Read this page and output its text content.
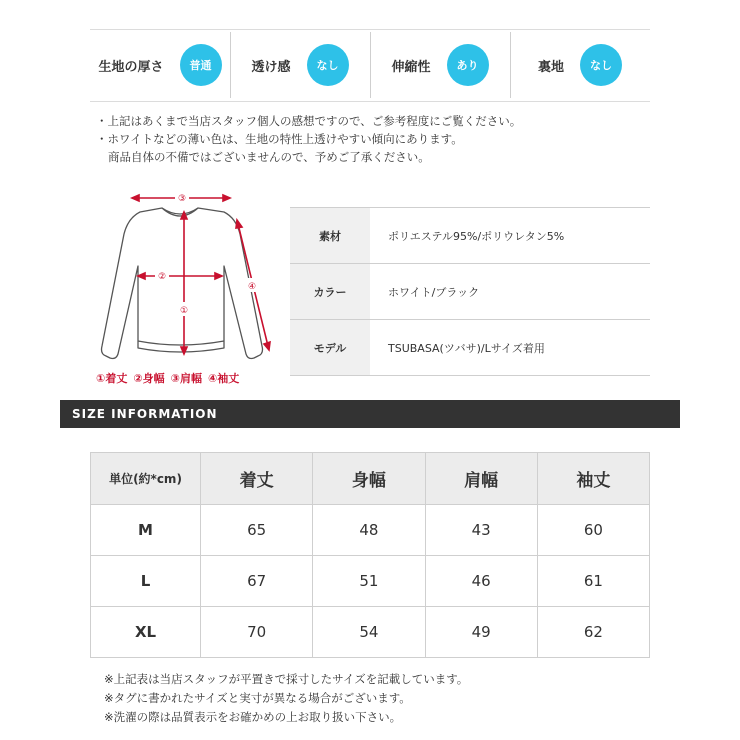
生地の厚さ	普通	透け感	なし	伸縮性	あり	裏地	なし
・上記はあくまで当店スタッフ個人の感想ですので、ご参考程度にご覧ください。
・ホワイトなどの薄い色は、生地の特性上透けやすい傾向にあります。
商品自体の不備ではございませんので、予めご了承ください。
③
②
①
④
①着丈 ②身幅 ③肩幅 ④袖丈
素材	ポリエステル95%/ポリウレタン5%
カラー	ホワイト/ブラック
モデル	TSUBASA(ツバサ)/Lサイズ着用
SIZE INFORMATION
単位(約*cm)	着丈	身幅	肩幅	袖丈
M	65	48	43	60
L	67	51	46	61
XL	70	54	49	62
※上記表は当店スタッフが平置きで採寸したサイズを記載しています。
※タグに書かれたサイズと実寸が異なる場合がございます。
※洗濯の際は品質表示をお確かめの上お取り扱い下さい。
